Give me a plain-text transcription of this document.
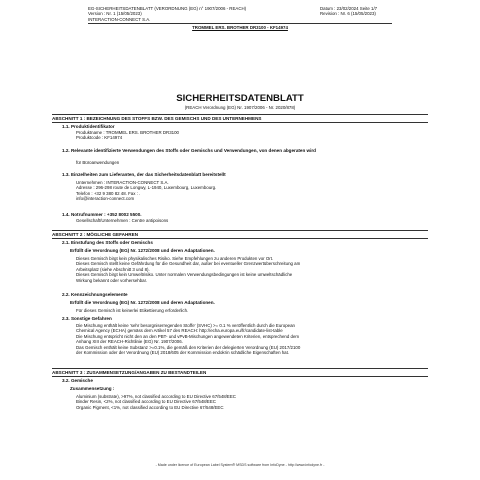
EG-SICHERHEITSDATENBLATT (VERORDNUNG (EG) n° 1907/2006 - REACH)
Version : Nr. 1 (15/05/2023)
INTERACTION-CONNECT S.A.
Datum : 23/02/2024 Seite 1/7
Revision : Nr. 6 (15/05/2023)
TROMMEL ERS. BROTHER DR3100 - KF14974
SICHERHEITSDATENBLATT
(REACH Verordnung (EG) Nr. 1907/2006 - Nr. 2020/878)
ABSCHNITT 1 : BEZEICHNUNG DES STOFFS BZW. DES GEMISCHS UND DES UNTERNEHMENS
1.1. Produktidentifikator
Produktname : TROMMEL ERS. BROTHER DR3100
Produktcode : KF14974
1.2. Relevante identifizierte Verwendungen des Stoffs oder Gemischs und Verwendungen, von denen abgeraten wird
für Büroanwendungen
1.3. Einzelheiten zum Lieferanten, der das Sicherheitsdatenblatt bereitstellt
Unternehmen : INTERACTION-CONNECT S.A.
Adresse : 296-298 route de Longwy, L-1940, Luxembourg, Luxembourg.
Telefon : +32 9 380 82 48. Fax : .
info@interaction-connect.com
1.4. Notrufnummer : +352 8002 5500.
Gesellschaft/Unternehmen : Centre antipoisons
ABSCHNITT 2 : MÖGLICHE GEFAHREN
2.1. Einstufung des Stoffs oder Gemischs
Erfüllt die Verordnung (EG) Nr. 1272/2008 und deren Adaptationen.
Dieses Gemisch birgt kein physikalisches Risiko. Siehe Empfehlungen zu anderen Produkten vor Ort.
Dieses Gemisch stellt keine Gefährdung für die Gesundheit dar, außer bei eventueller Grenzwertüberschreitung am
Arbeitsplatz (siehe Abschnitt 3 und 8).
Dieses Gemisch birgt kein Umweltrisiko. Unter normalen Verwendungsbedingungen ist keine umweltschädliche
Wirkung bekannt oder vorhersehbar.
2.2. Kennzeichnungselemente
Erfüllt die Verordnung (EG) Nr. 1272/2008 und deren Adaptationen.
Für dieses Gemisch ist keinerlei Etikettierung erforderlich.
2.3. Sonstige Gefahren
Die Mischung enthält keine 'sehr besorgniserregenden Stoffe' (SVHC) >= 0.1 % veröffentlich durch die European
Chemical Agency (ECHA) gemäss dem Artikel 57 des REACH: http://echa.europa.eu/fr/candidate-list-table
Die Mischung entspricht nicht den an den PBT- und vPvB-Mischungen angewendeten Kriterien, entsprechend dem
Anhang XIII der REACH-Richtlinie (EG) Nr. 1907/2006.
Das Gemisch enthält keine Substanz >=0.1%, die gemäß den Kriterien der delegierten Verordnung (EU) 2017/2100
der Kommission oder der Verordnung (EU) 2018/605 der Kommission endokrin schädliche Eigenschaften hat.
ABSCHNITT 3 : ZUSAMMENSETZUNG/ANGABEN ZU BESTANDTEILEN
3.2. Gemische
Zusammensetzung :
Aluminium (substrate), >97%, not classified according to EU Directive 67/548/EEC
Binder Resin, <2%, not classified according to EU Directive 67/548/EEC
Organic Pigment, <1%, not classified according to EU Directive 67/548/EEC
- Made under licence of European Label System® MSDS software from InfoDyne - http://www.infodyne.fr -
